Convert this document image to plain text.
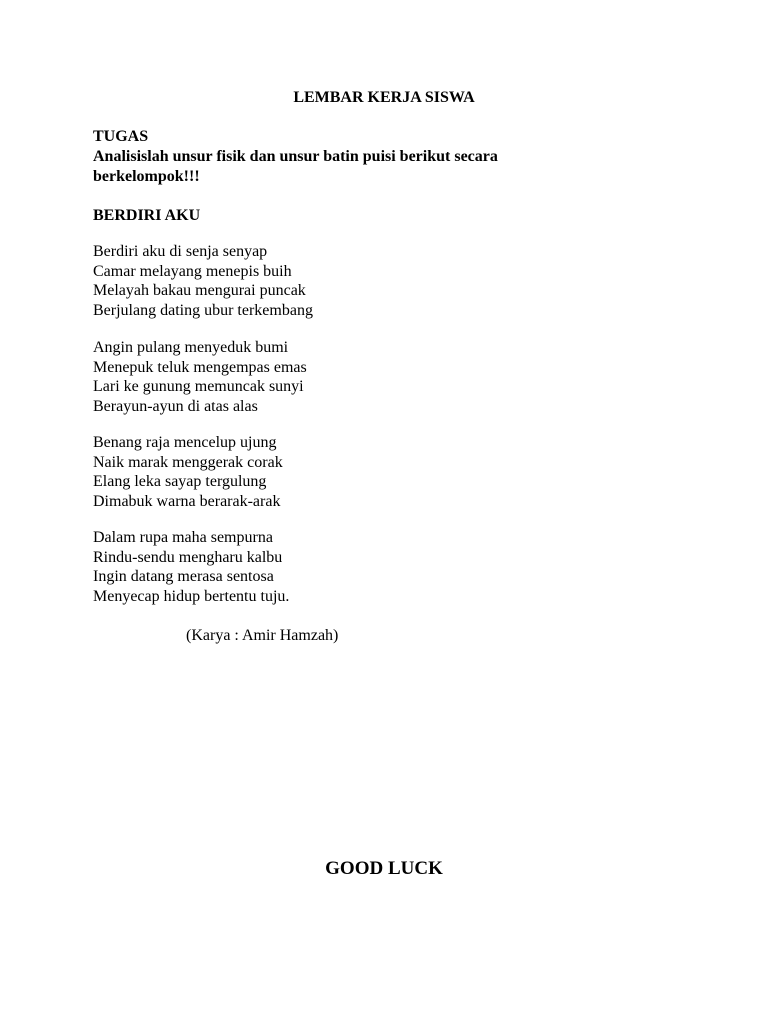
LEMBAR KERJA SISWA
TUGAS
Analisislah unsur fisik dan unsur batin puisi berikut secara
berkelompok!!!
BERDIRI AKU
Berdiri aku di senja senyap
Camar melayang menepis buih
Melayah bakau mengurai puncak
Berjulang dating ubur terkembang
Angin pulang menyeduk bumi
Menepuk teluk mengempas emas
Lari ke gunung memuncak sunyi
Berayun-ayun di atas alas
Benang raja mencelup ujung
Naik marak menggerak corak
Elang leka sayap tergulung
Dimabuk warna berarak-arak
Dalam rupa maha sempurna
Rindu-sendu mengharu kalbu
Ingin datang merasa sentosa
Menyecap hidup bertentu tuju.
(Karya : Amir Hamzah)
GOOD LUCK
